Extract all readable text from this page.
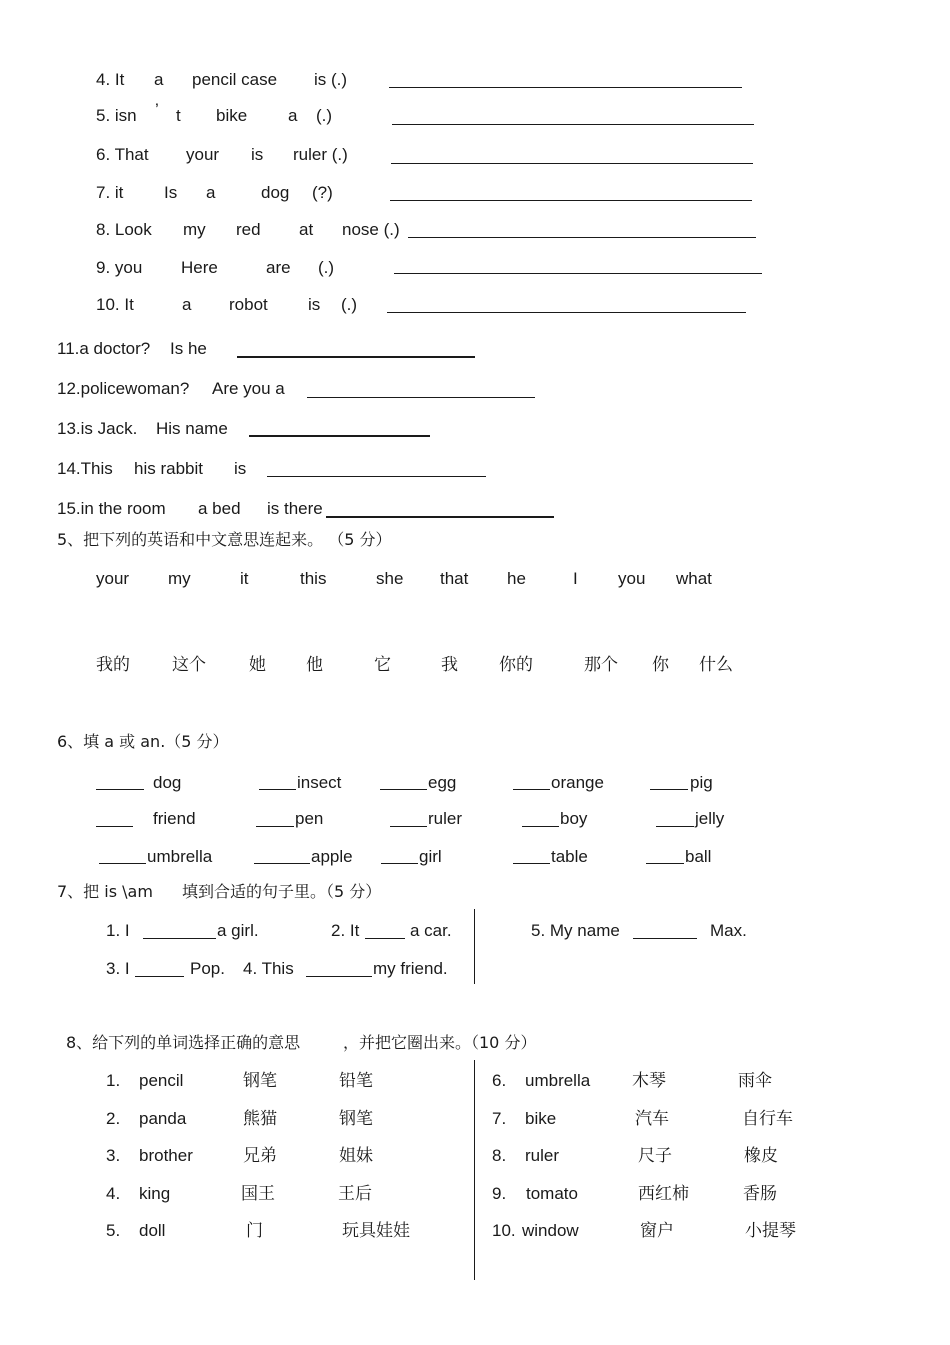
4. It a pencil case is (.)
5. isn ’ t bike a (.)
6. That your is ruler (.)
7. it Is a	dog (?)
8. Look my red at nose (.)
9. you Here	are (.)
10. It	a robot is (.)
11.a doctor? Is he
12.policewoman? Are you a
13.is Jack. His name
14.This his rabbit is
15.in the room a bed is there
5、把下列的英语和中文意思连起来。 （5 分）
your my	it	this	she that he	I you what
我的 这个	她 他	它	我 你的	那个 你 什么
6、填 a 或 an.（5 分）
dog	insect	egg	orange	pig
friend	pen	ruler	boy	jelly
umbrella	apple	girl	table	ball
7、把 is \am 填到合适的句子里。（5 分）
1. I	a girl.	2. It	a car.	5. My name	Max.
3. I	Pop. 4. This	my friend.
8、给下列的单词选择正确的意思	，并把它圈出来。（10 分）
1. pencil	钢笔	铅笔
2. panda	熊猫	钢笔
3. brother	兄弟	姐妹
4. king	国王	王后
5. doll	门	玩具娃娃
6. umbrella 木琴	雨伞
7. bike	汽车	自行车
8. ruler	尺子	橡皮
9. tomato	西红柿	香肠
10. window	窗户	小提琴
